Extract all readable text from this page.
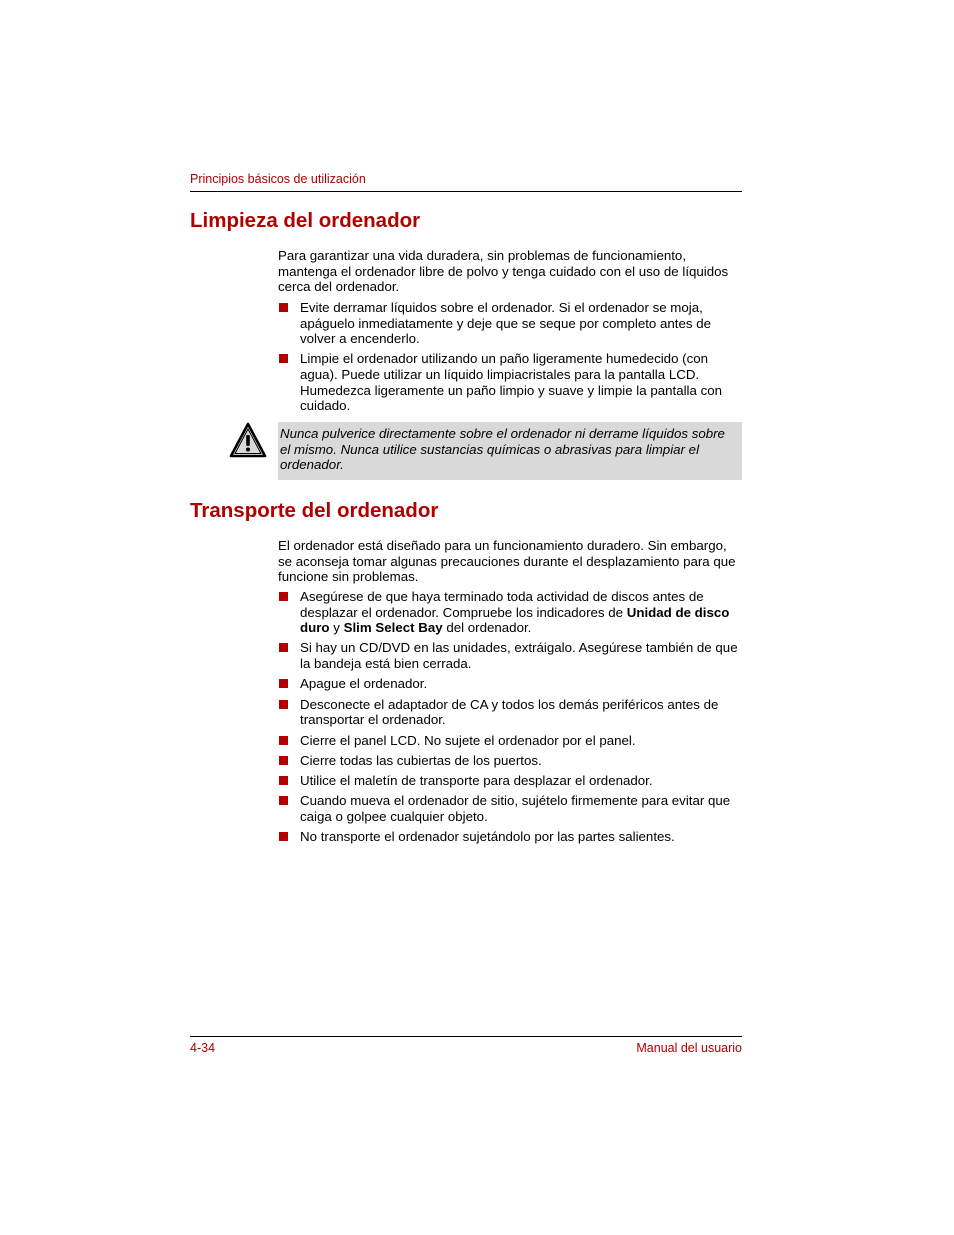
Principios básicos de utilización
Limpieza del ordenador

Para garantizar una vida duradera, sin problemas de funcionamiento, mantenga el ordenador libre de polvo y tenga cuidado con el uso de líquidos cerca del ordenador.

Evite derramar líquidos sobre el ordenador. Si el ordenador se moja, apáguelo inmediatamente y deje que se seque por completo antes de volver a encenderlo.
Limpie el ordenador utilizando un paño ligeramente humedecido (con agua). Puede utilizar un líquido limpiacristales para la pantalla LCD. Humedezca ligeramente un paño limpio y suave y limpie la pantalla con cuidado.

Nunca pulverice directamente sobre el ordenador ni derrame líquidos sobre el mismo. Nunca utilice sustancias químicas o abrasivas para limpiar el ordenador.

Transporte del ordenador

El ordenador está diseñado para un funcionamiento duradero. Sin embargo, se aconseja tomar algunas precauciones durante el desplazamiento para que funcione sin problemas.

Asegúrese de que haya terminado toda actividad de discos antes de desplazar el ordenador. Compruebe los indicadores de Unidad de disco duro y Slim Select Bay del ordenador.
Si hay un CD/DVD en las unidades, extráigalo. Asegúrese también de que la bandeja está bien cerrada.
Apague el ordenador.
Desconecte el adaptador de CA y todos los demás periféricos antes de transportar el ordenador.
Cierre el panel LCD. No sujete el ordenador por el panel.
Cierre todas las cubiertas de los puertos.
Utilice el maletín de transporte para desplazar el ordenador.
Cuando mueva el ordenador de sitio, sujételo firmemente para evitar que caiga o golpee cualquier objeto.
No transporte el ordenador sujetándolo por las partes salientes.
4-34	Manual del usuario
